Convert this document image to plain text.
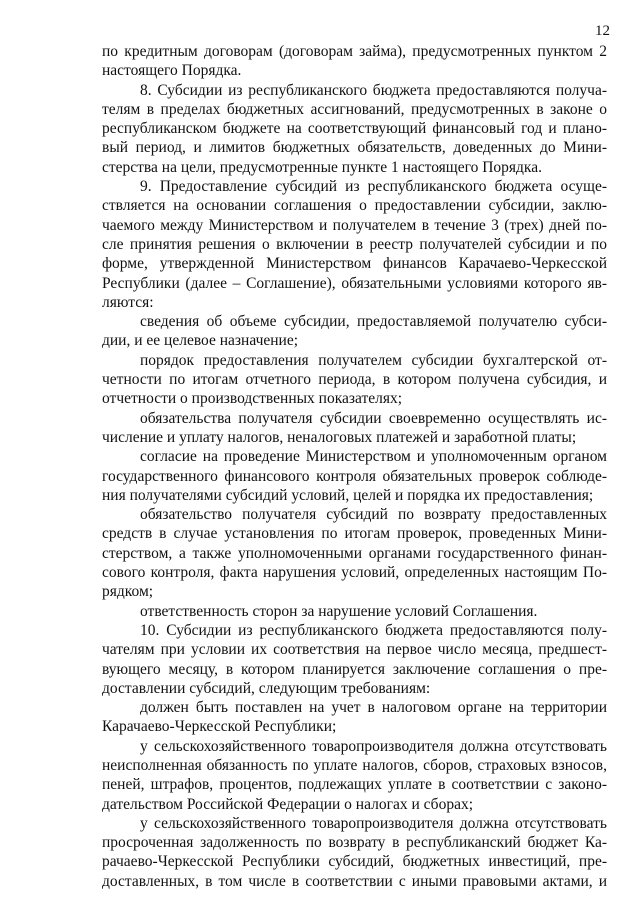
12
по кредитным договорам (договорам займа), предусмотренных пунктом 2
настоящего Порядка.
8. Субсидии из республиканского бюджета предоставляются получа-
телям в пределах бюджетных ассигнований, предусмотренных в законе о
республиканском бюджете на соответствующий финансовый год и плано-
вый период, и лимитов бюджетных обязательств, доведенных до Мини-
стерства на цели, предусмотренные пункте 1 настоящего Порядка.
9. Предоставление субсидий из республиканского бюджета осуще-
ствляется на основании соглашения о предоставлении субсидии, заклю-
чаемого между Министерством и получателем в течение 3 (трех) дней по-
сле принятия решения о включении в реестр получателей субсидии и по
форме, утвержденной Министерством финансов Карачаево-Черкесской
Республики (далее – Соглашение), обязательными условиями которого яв-
ляются:
сведения об объеме субсидии, предоставляемой получателю субси-
дии, и ее целевое назначение;
порядок предоставления получателем субсидии бухгалтерской от-
четности по итогам отчетного периода, в котором получена субсидия, и
отчетности о производственных показателях;
обязательства получателя субсидии своевременно осуществлять ис-
числение и уплату налогов, неналоговых платежей и заработной платы;
согласие на проведение Министерством и уполномоченным органом
государственного финансового контроля обязательных проверок соблюде-
ния получателями субсидий условий, целей и порядка их предоставления;
обязательство получателя субсидий по возврату предоставленных
средств в случае установления по итогам проверок, проведенных Мини-
стерством, а также уполномоченными органами государственного финан-
сового контроля, факта нарушения условий, определенных настоящим По-
рядком;
ответственность сторон за нарушение условий Соглашения.
10. Субсидии из республиканского бюджета предоставляются полу-
чателям при условии их соответствия на первое число месяца, предшест-
вующего месяцу, в котором планируется заключение соглашения о пре-
доставлении субсидий, следующим требованиям:
должен быть поставлен на учет в налоговом органе на территории
Карачаево-Черкесской Республики;
у сельскохозяйственного товаропроизводителя должна отсутствовать
неисполненная обязанность по уплате налогов, сборов, страховых взносов,
пеней, штрафов, процентов, подлежащих уплате в соответствии с законо-
дательством Российской Федерации о налогах и сборах;
у сельскохозяйственного товаропроизводителя должна отсутствовать
просроченная задолженность по возврату в республиканский бюджет Ка-
рачаево-Черкесской Республики субсидий, бюджетных инвестиций, пре-
доставленных, в том числе в соответствии с иными правовыми актами, и
